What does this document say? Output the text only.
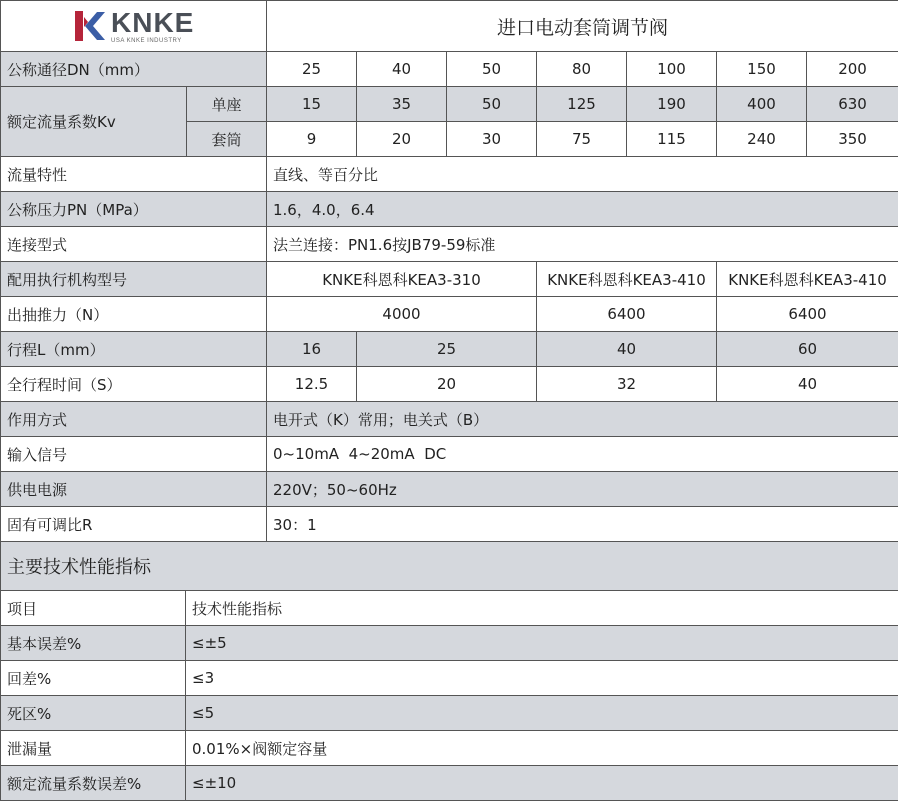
KNKE
USA KNKE INDUSTRY		进口电动套筒调节阀						
公称通径DN（mm）		25	40	50	80	100	150	200
额定流量系数Kv	单座	15	35	50	125	190	400	630
	套筒	9	20	30	75	115	240	350
流量特性		直线、等百分比						
公称压力PN（MPa）		1.6，4.0，6.4						
连接型式		法兰连接：PN1.6按JB79-59标准						
配用执行机构型号		KNKE科恩科KEA3-310			KNKE科恩科KEA3-410		KNKE科恩科KEA3-410	
出抽推力（N）		4000			6400		6400	
行程L（mm）		16	25		40		60	
全行程时间（S）		12.5	20		32		40	
作用方式		电开式（K）常用；电关式（B）						
输入信号		0~10mA  4~20mA  DC						
供电电源		220V；50~60Hz						
固有可调比R		30：1						
主要技术性能指标	
项目	技术性能指标
基本误差%	≤±5
回差%	≤3
死区%	≤5
泄漏量	0.01%×阀额定容量
额定流量系数误差%	≤±10
